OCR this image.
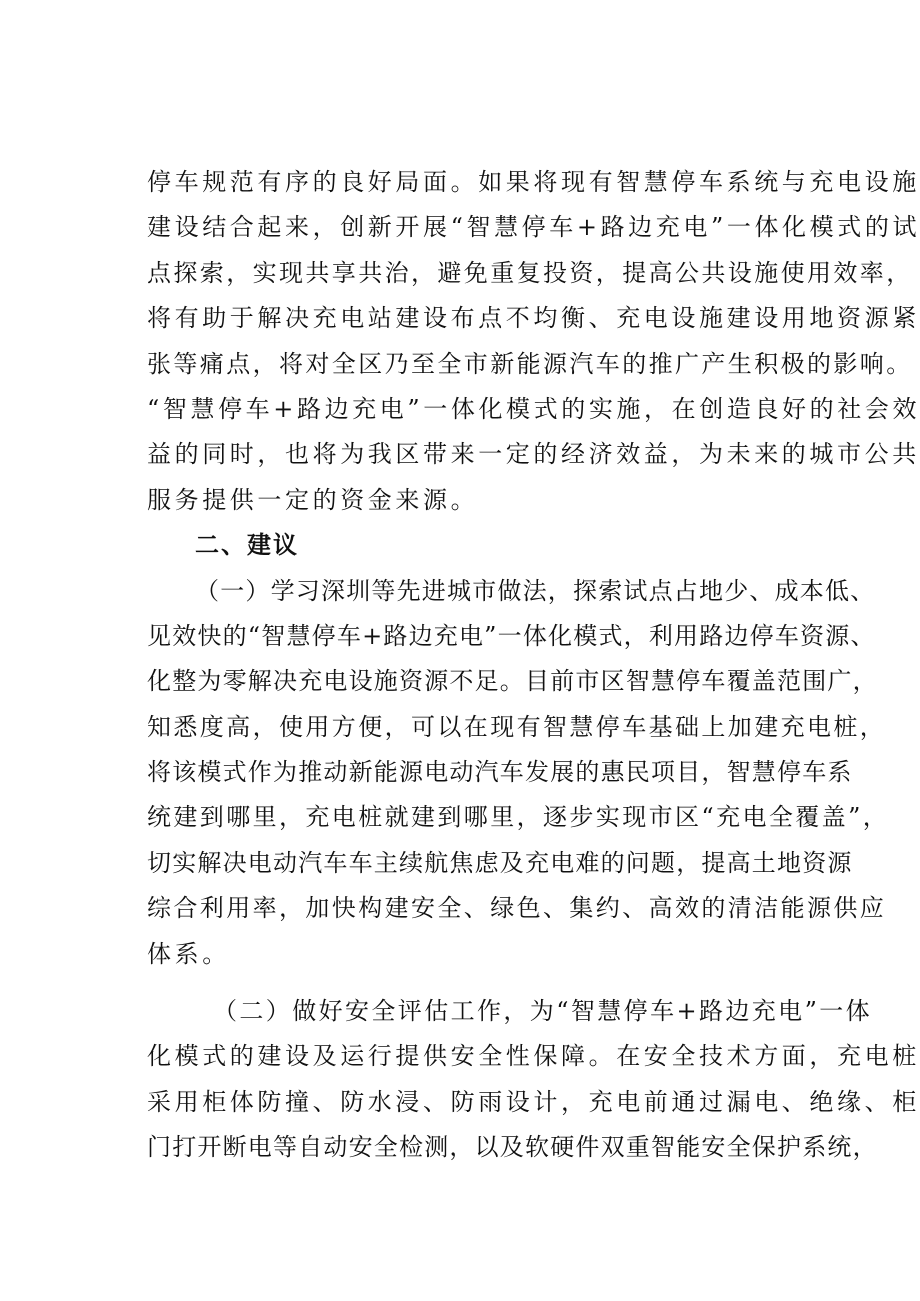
停车规范有序的良好局面。如果将现有智慧停车系统与充电设施
建设结合起来，创新开展“智慧停车+路边充电”一体化模式的试
点探索，实现共享共治，避免重复投资，提高公共设施使用效率，
将有助于解决充电站建设布点不均衡、充电设施建设用地资源紧
张等痛点，将对全区乃至全市新能源汽车的推广产生积极的影响。
“智慧停车+路边充电”一体化模式的实施，在创造良好的社会效
益的同时，也将为我区带来一定的经济效益，为未来的城市公共
服务提供一定的资金来源。
二、建议
（一）学习深圳等先进城市做法，探索试点占地少、成本低、
见效快的“智慧停车+路边充电”一体化模式，利用路边停车资源、
化整为零解决充电设施资源不足。目前市区智慧停车覆盖范围广，
知悉度高，使用方便，可以在现有智慧停车基础上加建充电桩，
将该模式作为推动新能源电动汽车发展的惠民项目，智慧停车系
统建到哪里，充电桩就建到哪里，逐步实现市区“充电全覆盖”，
切实解决电动汽车车主续航焦虑及充电难的问题，提高土地资源
综合利用率，加快构建安全、绿色、集约、高效的清洁能源供应
体系。
（二）做好安全评估工作，为“智慧停车+路边充电”一体
化模式的建设及运行提供安全性保障。在安全技术方面，充电桩
采用柜体防撞、防水浸、防雨设计，充电前通过漏电、绝缘、柜
门打开断电等自动安全检测，以及软硬件双重智能安全保护系统，
